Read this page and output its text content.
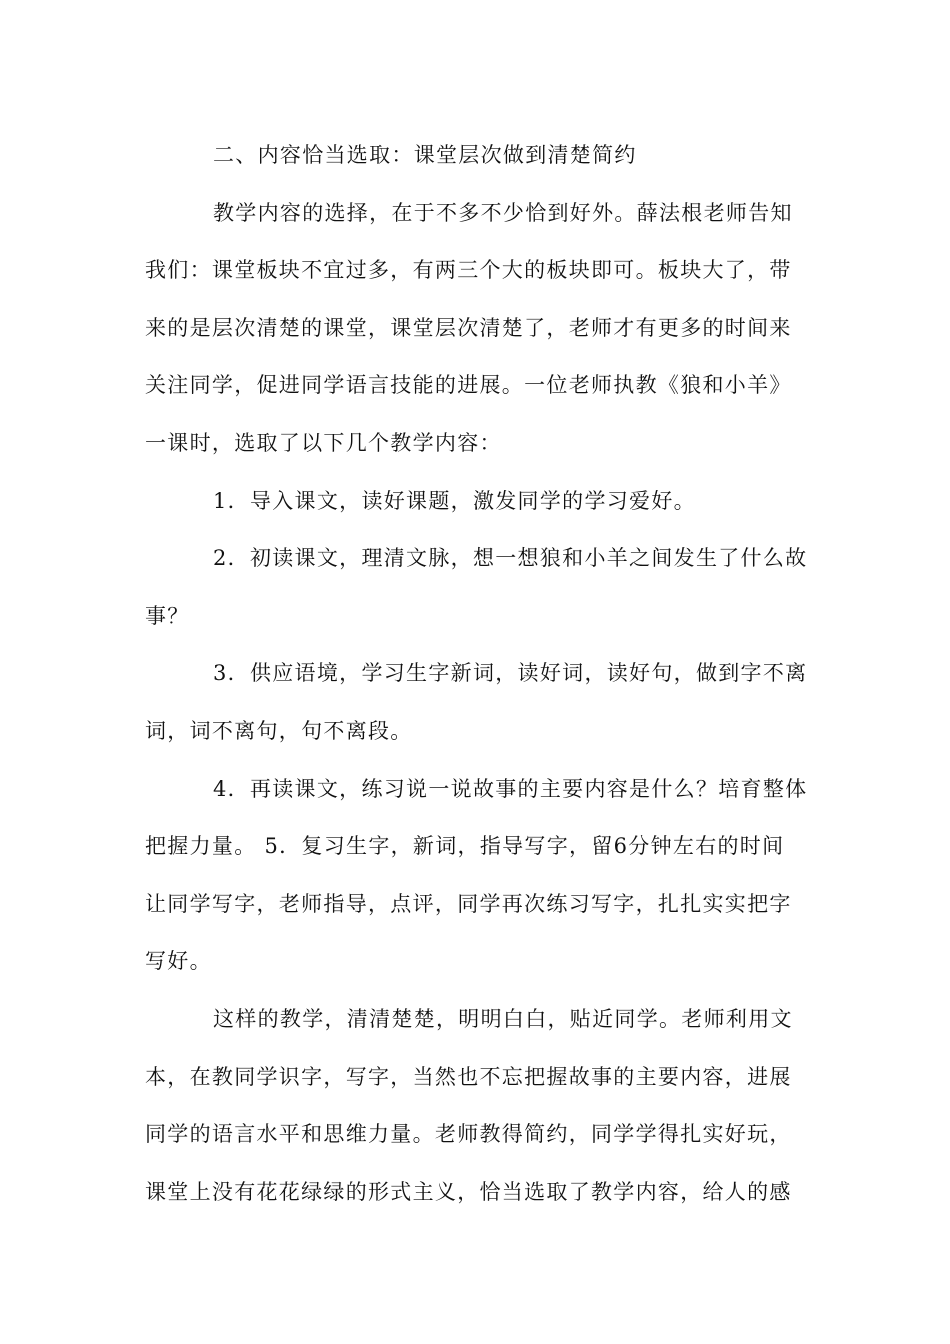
二、内容恰当选取：课堂层次做到清楚简约
教学内容的选择，在于不多不少恰到好外。薛法根老师告知
我们：课堂板块不宜过多，有两三个大的板块即可。板块大了，带
来的是层次清楚的课堂，课堂层次清楚了，老师才有更多的时间来
关注同学，促进同学语言技能的进展。一位老师执教《狼和小羊》
一课时，选取了以下几个教学内容：
1．导入课文，读好课题，激发同学的学习爱好。
2．初读课文，理清文脉，想一想狼和小羊之间发生了什么故
事？
3．供应语境，学习生字新词，读好词，读好句，做到字不离
词，词不离句，句不离段。
4．再读课文，练习说一说故事的主要内容是什么？培育整体
把握力量。 5．复习生字，新词，指导写字，留6分钟左右的时间
让同学写字，老师指导，点评，同学再次练习写字，扎扎实实把字
写好。
这样的教学，清清楚楚，明明白白，贴近同学。老师利用文
本，在教同学识字，写字，当然也不忘把握故事的主要内容，进展
同学的语言水平和思维力量。老师教得简约，同学学得扎实好玩，
课堂上没有花花绿绿的形式主义，恰当选取了教学内容，给人的感
